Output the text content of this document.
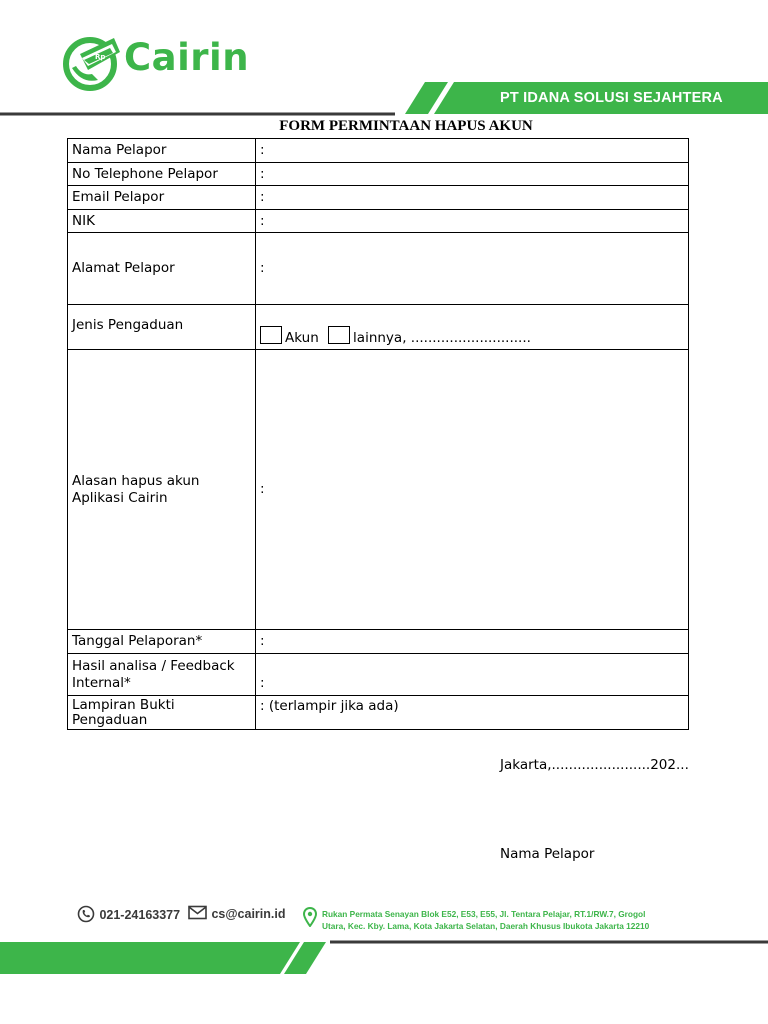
Rp Cairin
PT IDANA SOLUSI SEJAHTERA
FORM PERMINTAAN HAPUS AKUN
Nama Pelapor	:
No Telephone Pelapor	:
Email Pelapor	:
NIK	:
Alamat Pelapor	:
Jenis Pengaduan	Akun lainnya, ............................
Alasan hapus akun Aplikasi Cairin	:
Tanggal Pelaporan*	:
Hasil analisa / Feedback Internal*	:
Lampiran Bukti Pengaduan	: (terlampir jika ada)
Jakarta,.......................202...
Nama Pelapor
021-24163377	cs@cairin.id	Rukan Permata Senayan Blok E52, E53, E55, Jl. Tentara Pelajar, RT.1/RW.7, Grogol
Utara, Kec. Kby. Lama, Kota Jakarta Selatan, Daerah Khusus Ibukota Jakarta 12210
